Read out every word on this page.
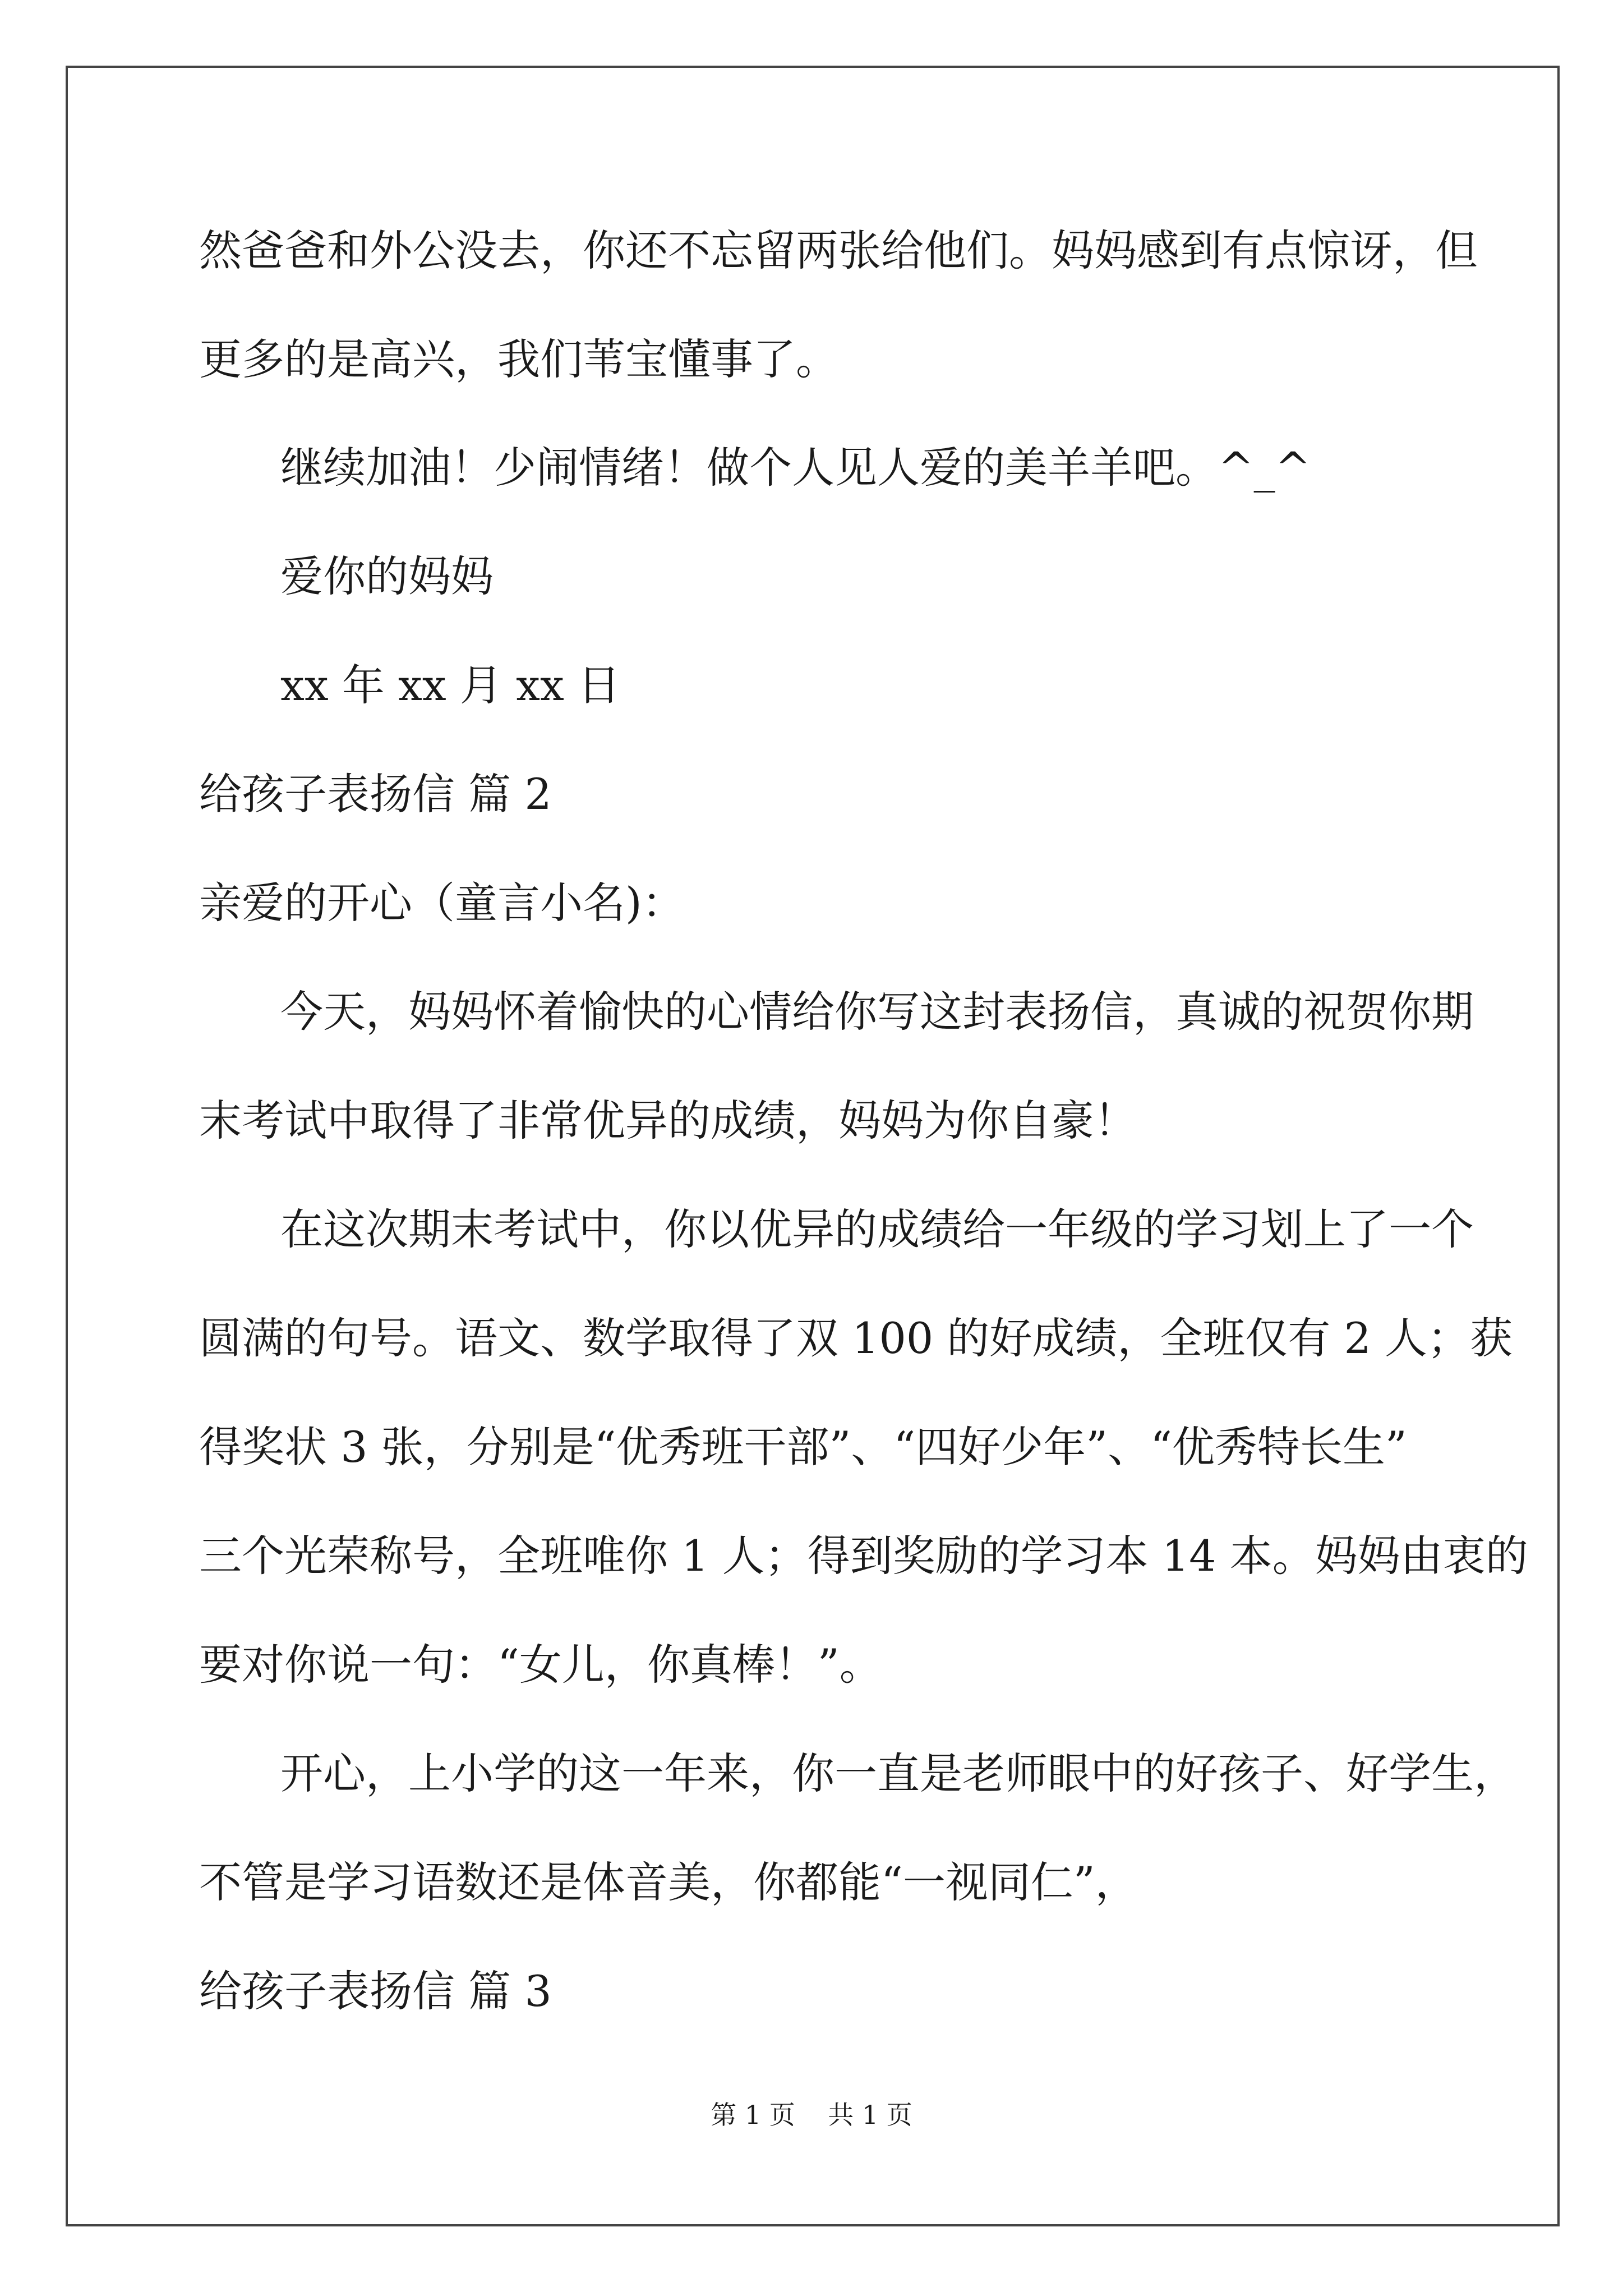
然爸爸和外公没去，你还不忘留两张给他们。妈妈感到有点惊讶，但

更多的是高兴，我们苇宝懂事了。

继续加油！少闹情绪！做个人见人爱的美羊羊吧。^_^

爱你的妈妈

xx 年 xx 月 xx 日

给孩子表扬信 篇 2

亲爱的开心（童言小名)：

今天，妈妈怀着愉快的心情给你写这封表扬信，真诚的祝贺你期

末考试中取得了非常优异的成绩，妈妈为你自豪！

在这次期末考试中，你以优异的成绩给一年级的学习划上了一个

圆满的句号。语文、数学取得了双 100 的好成绩，全班仅有 2 人；获

得奖状 3 张，分别是“优秀班干部”、“四好少年”、“优秀特长生”

三个光荣称号，全班唯你 1 人；得到奖励的学习本 14 本。妈妈由衷的

要对你说一句：“女儿，你真棒！”。

开心，上小学的这一年来，你一直是老师眼中的好孩子、好学生，

不管是学习语数还是体音美，你都能“一视同仁”，

给孩子表扬信 篇 3

第 1 页    共 1 页
